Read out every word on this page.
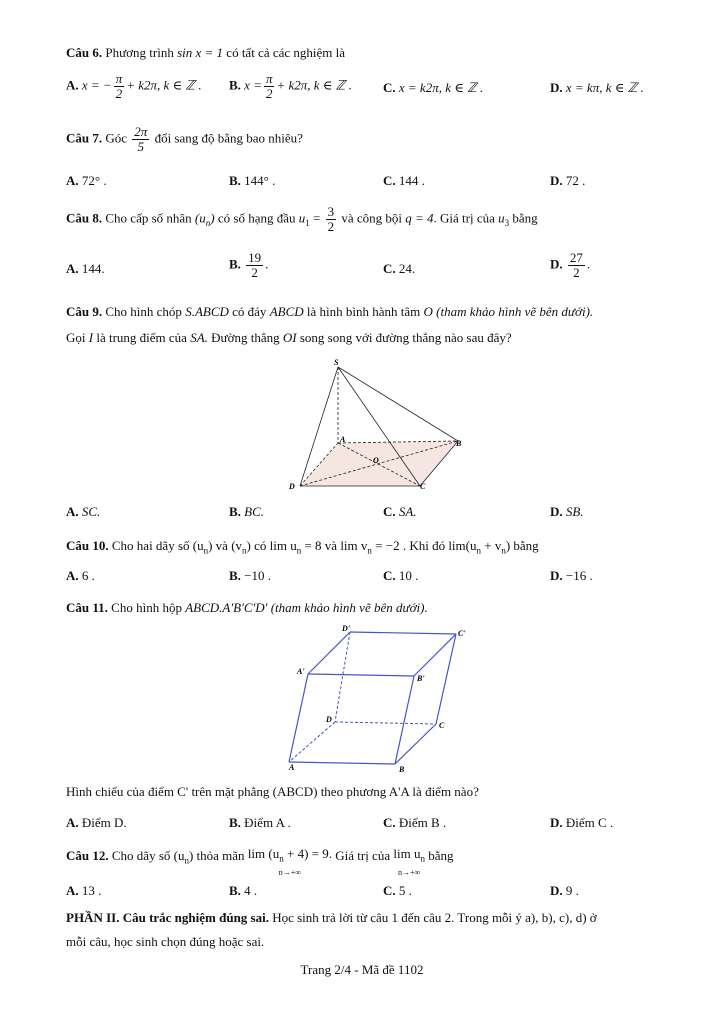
Câu 6. Phương trình sin x = 1 có tất cả các nghiệm là
A. x = − $\frac{\pi}{2} + k2\pi$, k ∈ ℤ . B. $x = \frac{\pi}{2} + k2\pi$, k ∈ ℤ . C. x = k2π, k ∈ ℤ .	D. x = kπ, k ∈ ℤ .
Câu 7. Góc $\frac{2\pi}{5}$ đổi sang độ bằng bao nhiêu?
A. 72° .	B. 144° .	C. 144 .	D. 72 .
Câu 8. Cho cấp số nhân $(u_n)$ có số hạng đầu $u_1 = \frac{3}{2}$ và công bội q = 4. Giá trị của $u_3$ bằng
A. 144.	B. $\frac{19}{2}$ .	C. 24.	D. $\frac{27}{2}$ .
Câu 9. Cho hình chóp S.ABCD có đáy ABCD là hình bình hành tâm O (tham khảo hình vẽ bên dưới).
Gọi I là trung điểm của SA. Đường thẳng OI song song với đường thẳng nào sau đây?
S
A	B
C
D
O
A. SC.	B. BC.	C. SA.	D. SB.
Câu 10. Cho hai dãy số $(u_n)$ và $(v_n)$ có $\lim u_n = 8$ và $\lim v_n = -2$ . Khi đó $\lim(u_n + v_n)$ bằng
A. 6 .	B. −10 .	C. 10 .	D. −16 .
Câu 11. Cho hình hộp ABCD.A'B'C'D' (tham khảo hình vẽ bên dưới).
D'
C'
A'
B'
D
C
A	B
Hình chiếu của điểm C' trên mặt phẳng (ABCD) theo phương A'A là điểm nào?
A. Điểm D.	B. Điểm A .	C. Điểm B .	D. Điểm C .
Câu 12. Cho dãy số $(u_n)$ thỏa mãn $\lim (u_n + 4) = 9$.
n→+∞ Giá trị của $\lim u_n$
n→+∞ bằng
A. 13 .	B. 4 .	C. 5 .	D. 9 .
PHẦN II. Câu trắc nghiệm đúng sai. Học sinh trả lời từ câu 1 đến câu 2. Trong mỗi ý a), b), c), d) ở
mỗi câu, học sinh chọn đúng hoặc sai.
Trang 2/4 - Mã đề 1102
